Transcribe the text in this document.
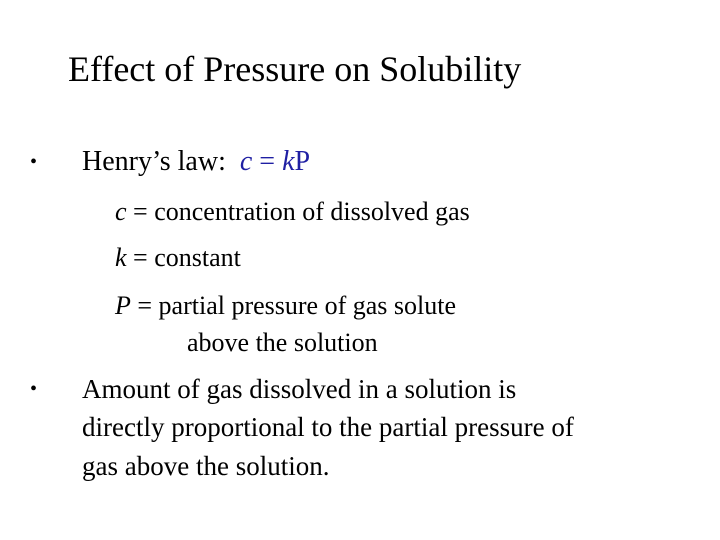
Effect of Pressure on Solubility
• Henry’s law: c = kP
c = concentration of dissolved gas
k = constant
P = partial pressure of gas solute
above the solution
• Amount of gas dissolved in a solution is
directly proportional to the partial pressure of
gas above the solution.
